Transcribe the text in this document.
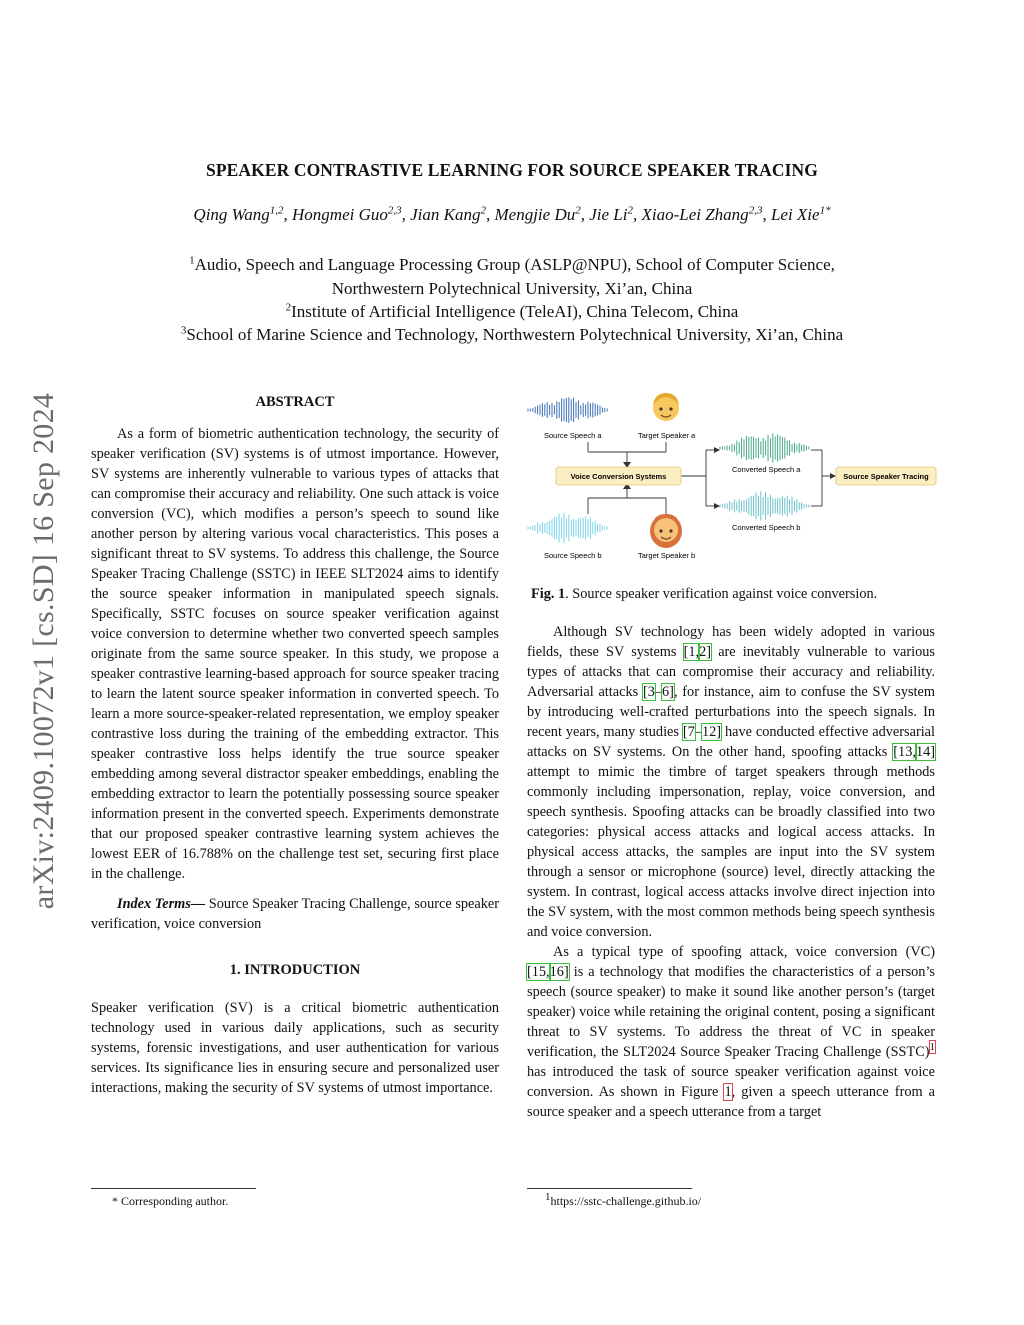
arXiv:2409.10072v1 [cs.SD] 16 Sep 2024
SPEAKER CONTRASTIVE LEARNING FOR SOURCE SPEAKER TRACING
Qing Wang$^{1,2}$, Hongmei Guo$^{2,3}$, Jian Kang$^2$, Mengjie Du$^2$, Jie Li$^2$, Xiao-Lei Zhang$^{2,3}$, Lei Xie$^{1*}$
$^1$Audio, Speech and Language Processing Group (ASLP@NPU), School of Computer Science,
Northwestern Polytechnical University, Xi’an, China
$^2$Institute of Artificial Intelligence (TeleAI), China Telecom, China
$^3$School of Marine Science and Technology, Northwestern Polytechnical University, Xi’an, China
ABSTRACT

As a form of biometric authentication technology, the security of speaker verification (SV) systems is of utmost importance. However, SV systems are inherently vulnerable to various types of attacks that can compromise their accuracy and reliability. One such attack is voice conversion (VC), which modifies a person’s speech to sound like another person by altering various vocal characteristics. This poses a significant threat to SV systems. To address this challenge, the Source Speaker Tracing Challenge (SSTC) in IEEE SLT2024 aims to identify the source speaker information in manipulated speech signals. Specifically, SSTC focuses on source speaker verification against voice conversion to determine whether two converted speech samples originate from the same source speaker. In this study, we propose a speaker contrastive learning-based approach for source speaker tracing to learn the latent source speaker information in converted speech. To learn a more source-speaker-related representation, we employ speaker contrastive loss during the training of the embedding extractor. This speaker contrastive loss helps identify the true source speaker embedding among several distractor speaker embeddings, enabling the embedding extractor to learn the potentially possessing source speaker information present in the converted speech. Experiments demonstrate that our proposed speaker contrastive learning system achieves the lowest EER of 16.788% on the challenge test set, securing first place in the challenge.

Index Terms— Source Speaker Tracing Challenge, source speaker verification, voice conversion

1. INTRODUCTION

Speaker verification (SV) is a critical biometric authentication technology used in various daily applications, such as security systems, forensic investigations, and user authentication for various services. Its significance lies in ensuring secure and personalized user interactions, making the security of SV systems of utmost importance.

* Corresponding author.
Source Speech a	Target Speaker a
Source Speech b	Target Speaker b
Converted Speech a
Converted Speech b
Voice Conversion Systems	Source Speaker Tracing
Fig. 1. Source speaker verification against voice conversion.

Although SV technology has been widely adopted in various fields, these SV systems [1,2] are inevitably vulnerable to various types of attacks that can compromise their accuracy and reliability. Adversarial attacks [3–6], for instance, aim to confuse the SV system by introducing well-crafted perturbations into the speech signals. In recent years, many studies [7–12] have conducted effective adversarial attacks on SV systems. On the other hand, spoofing attacks [13,14] attempt to mimic the timbre of target speakers through methods commonly including impersonation, replay, voice conversion, and speech synthesis. Spoofing attacks can be broadly classified into two categories: physical access attacks and logical access attacks. In physical access attacks, the samples are input into the SV system through a sensor or microphone (source) level, directly attacking the system. In contrast, logical access attacks involve direct injection into the SV system, with the most common methods being speech synthesis and voice conversion.

As a typical type of spoofing attack, voice conversion (VC) [15,16] is a technology that modifies the characteristics of a person’s speech (source speaker) to make it sound like another person’s (target speaker) voice while retaining the original content, posing a significant threat to SV systems. To address the threat of VC in speaker verification, the SLT2024 Source Speaker Tracing Challenge (SSTC)$^1$ has introduced the task of source speaker verification against voice conversion. As shown in Figure 1, given a speech utterance from a source speaker and a speech utterance from a target

$^1$https://sstc-challenge.github.io/
